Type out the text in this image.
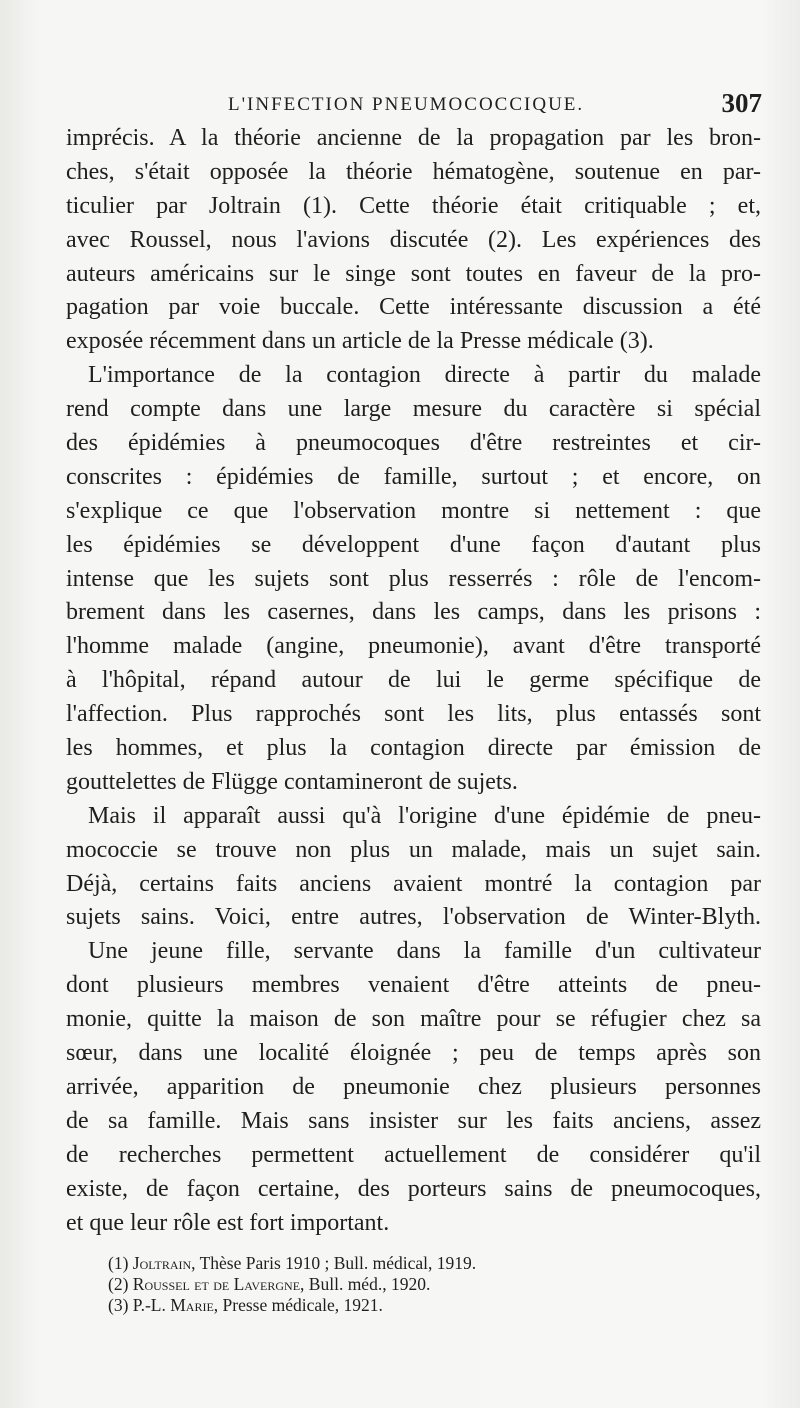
L'INFECTION PNEUMOCOCCIQUE.	307
imprécis. A la théorie ancienne de la propagation par les bron-
ches, s'était opposée la théorie hématogène, soutenue en par-
ticulier par Joltrain (1). Cette théorie était critiquable ; et,
avec Roussel, nous l'avions discutée (2). Les expériences des
auteurs américains sur le singe sont toutes en faveur de la pro-
pagation par voie buccale. Cette intéressante discussion a été
exposée récemment dans un article de la Presse médicale (3).
L'importance de la contagion directe à partir du malade
rend compte dans une large mesure du caractère si spécial
des épidémies à pneumocoques d'être restreintes et cir-
conscrites : épidémies de famille, surtout ; et encore, on
s'explique ce que l'observation montre si nettement : que
les épidémies se développent d'une façon d'autant plus
intense que les sujets sont plus resserrés : rôle de l'encom-
brement dans les casernes, dans les camps, dans les prisons :
l'homme malade (angine, pneumonie), avant d'être transporté
à l'hôpital, répand autour de lui le germe spécifique de
l'affection. Plus rapprochés sont les lits, plus entassés sont
les hommes, et plus la contagion directe par émission de
gouttelettes de Flügge contamineront de sujets.
Mais il apparaît aussi qu'à l'origine d'une épidémie de pneu-
mococcie se trouve non plus un malade, mais un sujet sain.
Déjà, certains faits anciens avaient montré la contagion par
sujets sains. Voici, entre autres, l'observation de Winter-Blyth.
Une jeune fille, servante dans la famille d'un cultivateur
dont plusieurs membres venaient d'être atteints de pneu-
monie, quitte la maison de son maître pour se réfugier chez sa
sœur, dans une localité éloignée ; peu de temps après son
arrivée, apparition de pneumonie chez plusieurs personnes
de sa famille. Mais sans insister sur les faits anciens, assez
de recherches permettent actuellement de considérer qu'il
existe, de façon certaine, des porteurs sains de pneumocoques,
et que leur rôle est fort important.
(1) Joltrain, Thèse Paris 1910 ; Bull. médical, 1919.
(2) Roussel et de Lavergne, Bull. méd., 1920.
(3) P.-L. Marie, Presse médicale, 1921.
